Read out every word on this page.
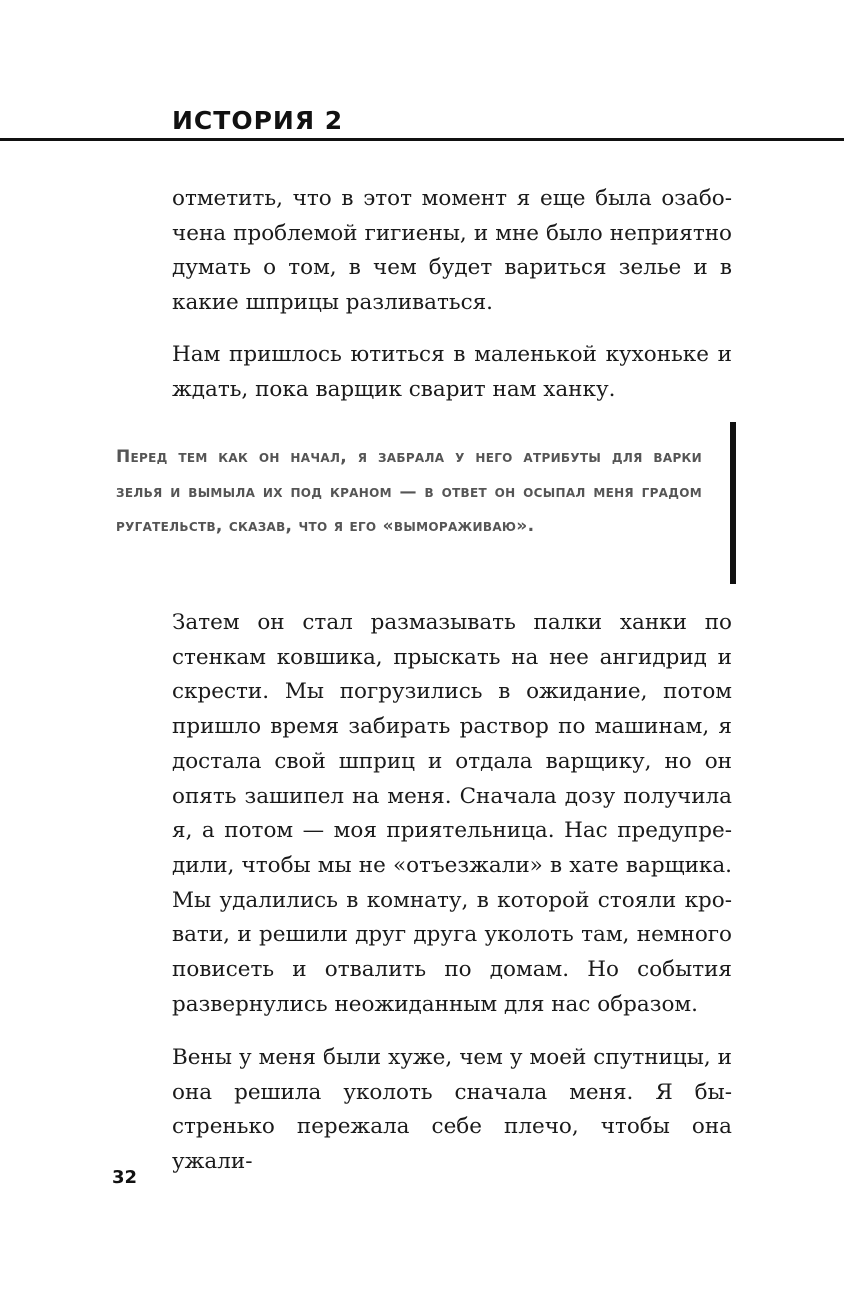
ИСТОРИЯ 2

отметить, что в этот момент я еще была озабочена проблемой гигиены, и мне было неприятно думать о том, в чем будет вариться зелье и в какие шприцы разливаться.

Нам пришлось ютиться в маленькой кухоньке и ждать, пока варщик сварит нам ханку.

Перед тем как он начал, я забрала у него атрибуты для варки зелья и вымыла их под краном — в ответ он осыпал меня градом ругательств, сказав, что я его «вымораживаю».

Затем он стал размазывать палки ханки по стенкам ковшика, прыскать на нее ангидрид и скрести. Мы погрузились в ожидание, потом пришло время забирать раствор по машинам, я достала свой шприц и отдала варщику, но он опять зашипел на меня. Сначала дозу получила я, а потом — моя приятельница. Нас предупредили, чтобы мы не «отъезжали» в хате варщика. Мы удалились в комнату, в которой стояли кровати, и решили друг друга уколоть там, немного повисеть и отвалить по домам. Но события развернулись неожиданным для нас образом.

Вены у меня были хуже, чем у моей спутницы, и она решила уколоть сначала меня. Я быстренько пережала себе плечо, чтобы она ужали-

32
